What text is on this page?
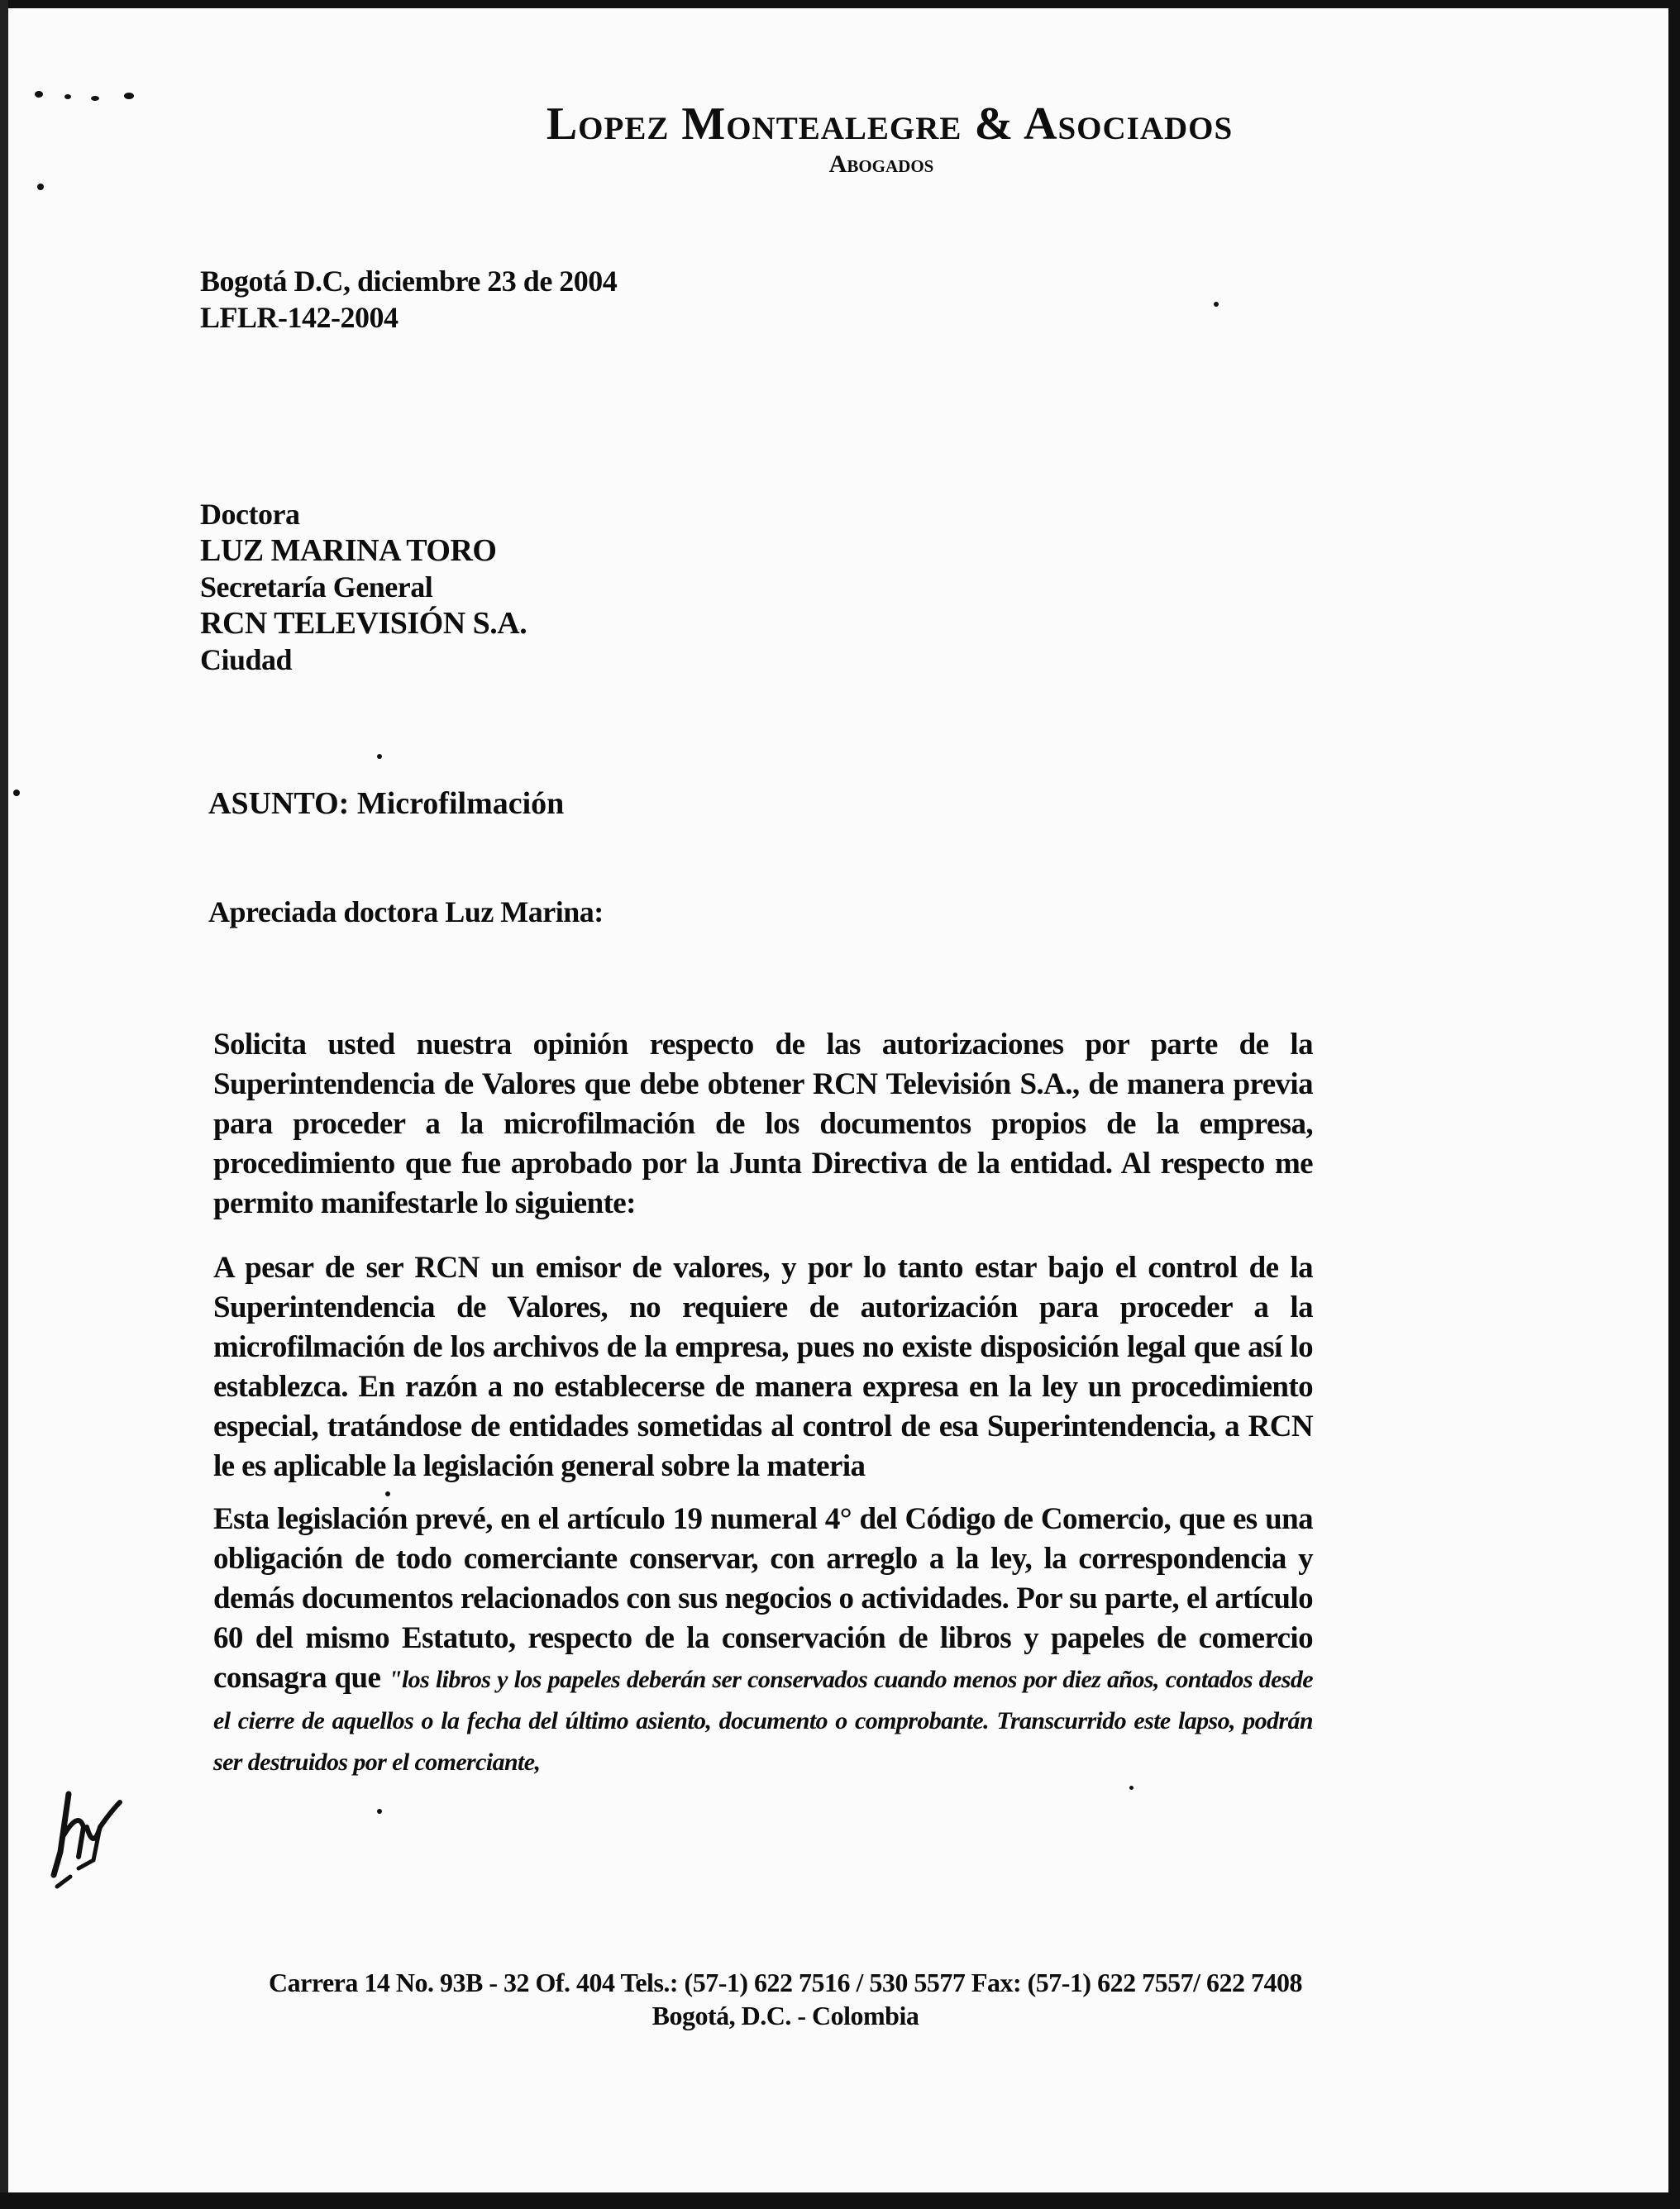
Lopez Montealegre & Asociados
Abogados
Bogotá D.C, diciembre 23 de 2004
LFLR-142-2004
Doctora
LUZ MARINA TORO
Secretaría General
RCN TELEVISIÓN S.A.
Ciudad
ASUNTO: Microfilmación
Apreciada doctora Luz Marina:
Solicita usted nuestra opinión respecto de las autorizaciones por parte de la Superintendencia de Valores que debe obtener RCN Televisión S.A., de manera previa para proceder a la microfilmación de los documentos propios de la empresa, procedimiento que fue aprobado por la Junta Directiva de la entidad. Al respecto me permito manifestarle lo siguiente:
A pesar de ser RCN un emisor de valores, y por lo tanto estar bajo el control de la Superintendencia de Valores, no requiere de autorización para proceder a la microfilmación de los archivos de la empresa, pues no existe disposición legal que así lo establezca. En razón a no establecerse de manera expresa en la ley un procedimiento especial, tratándose de entidades sometidas al control de esa Superintendencia, a RCN le es aplicable la legislación general sobre la materia
Esta legislación prevé, en el artículo 19 numeral 4° del Código de Comercio, que es una obligación de todo comerciante conservar, con arreglo a la ley, la correspondencia y demás documentos relacionados con sus negocios o actividades. Por su parte, el artículo 60 del mismo Estatuto, respecto de la conservación de libros y papeles de comercio consagra que "los libros y los papeles deberán ser conservados cuando menos por diez años, contados desde el cierre de aquellos o la fecha del último asiento, documento o comprobante. Transcurrido este lapso, podrán ser destruidos por el comerciante,
Carrera 14 No. 93B - 32 Of. 404 Tels.: (57-1) 622 7516 / 530 5577 Fax: (57-1) 622 7557/ 622 7408
Bogotá, D.C. - Colombia
